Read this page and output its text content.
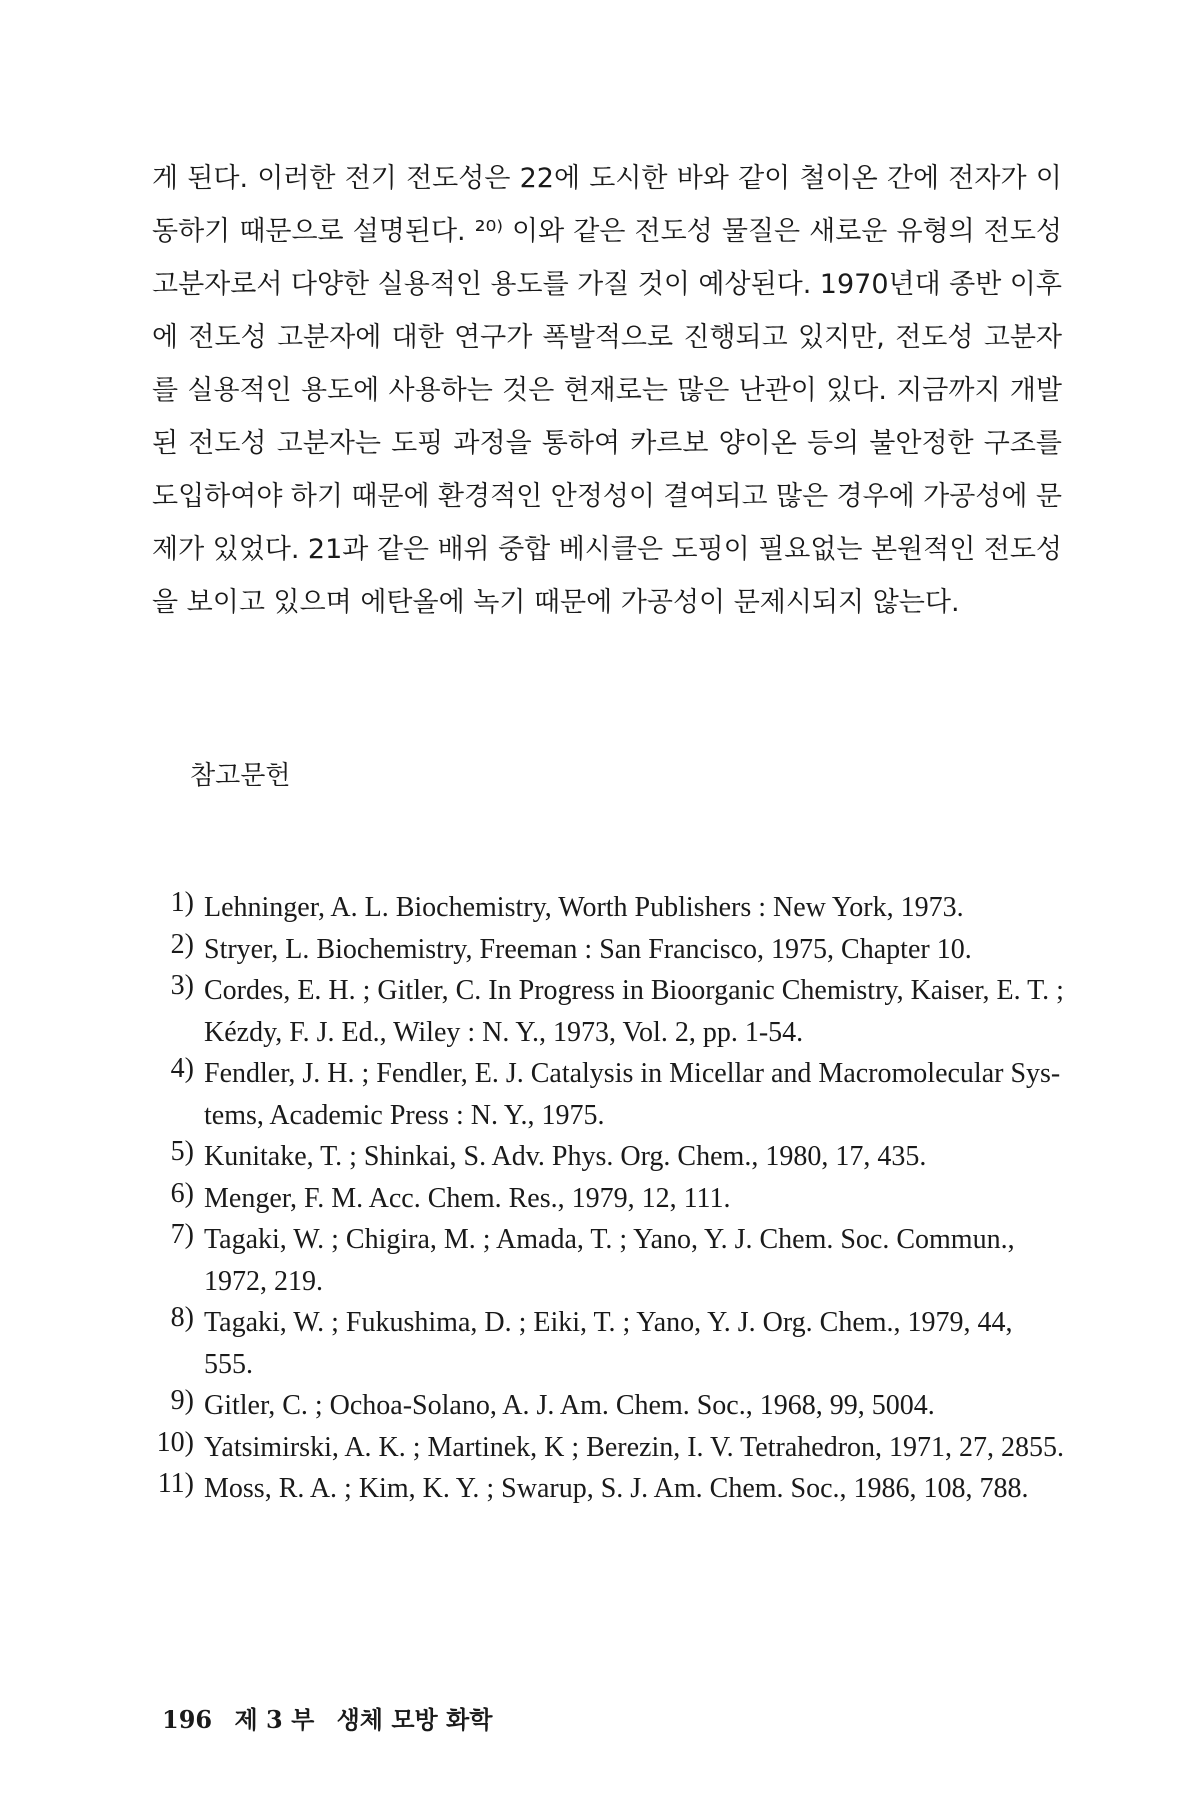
게 된다. 이러한 전기 전도성은 22에 도시한 바와 같이 철이온 간에 전자가 이
동하기 때문으로 설명된다. ²⁰⁾ 이와 같은 전도성 물질은 새로운 유형의 전도성
고분자로서 다양한 실용적인 용도를 가질 것이 예상된다. 1970년대 종반 이후
에 전도성 고분자에 대한 연구가 폭발적으로 진행되고 있지만, 전도성 고분자
를 실용적인 용도에 사용하는 것은 현재로는 많은 난관이 있다. 지금까지 개발
된 전도성 고분자는 도핑 과정을 통하여 카르보 양이온 등의 불안정한 구조를
도입하여야 하기 때문에 환경적인 안정성이 결여되고 많은 경우에 가공성에 문
제가 있었다. 21과 같은 배위 중합 베시클은 도핑이 필요없는 본원적인 전도성
을 보이고 있으며 에탄올에 녹기 때문에 가공성이 문제시되지 않는다.
참고문헌
1) Lehninger, A. L. Biochemistry, Worth Publishers : New York, 1973.
2) Stryer, L. Biochemistry, Freeman : San Francisco, 1975, Chapter 10.
3) Cordes, E. H. ; Gitler, C. In Progress in Bioorganic Chemistry, Kaiser, E. T. ;
Kézdy, F. J. Ed., Wiley : N. Y., 1973, Vol. 2, pp. 1-54.
4) Fendler, J. H. ; Fendler, E. J. Catalysis in Micellar and Macromolecular Sys-
tems, Academic Press : N. Y., 1975.
5) Kunitake, T. ; Shinkai, S. Adv. Phys. Org. Chem., 1980, 17, 435.
6) Menger, F. M. Acc. Chem. Res., 1979, 12, 111.
7) Tagaki, W. ; Chigira, M. ; Amada, T. ; Yano, Y. J. Chem. Soc. Commun.,
1972, 219.
8) Tagaki, W. ; Fukushima, D. ; Eiki, T. ; Yano, Y. J. Org. Chem., 1979, 44,
555.
9) Gitler, C. ; Ochoa-Solano, A. J. Am. Chem. Soc., 1968, 99, 5004.
10) Yatsimirski, A. K. ; Martinek, K ; Berezin, I. V. Tetrahedron, 1971, 27, 2855.
11) Moss, R. A. ; Kim, K. Y. ; Swarup, S. J. Am. Chem. Soc., 1986, 108, 788.
196 제 3 부 생체 모방 화학
